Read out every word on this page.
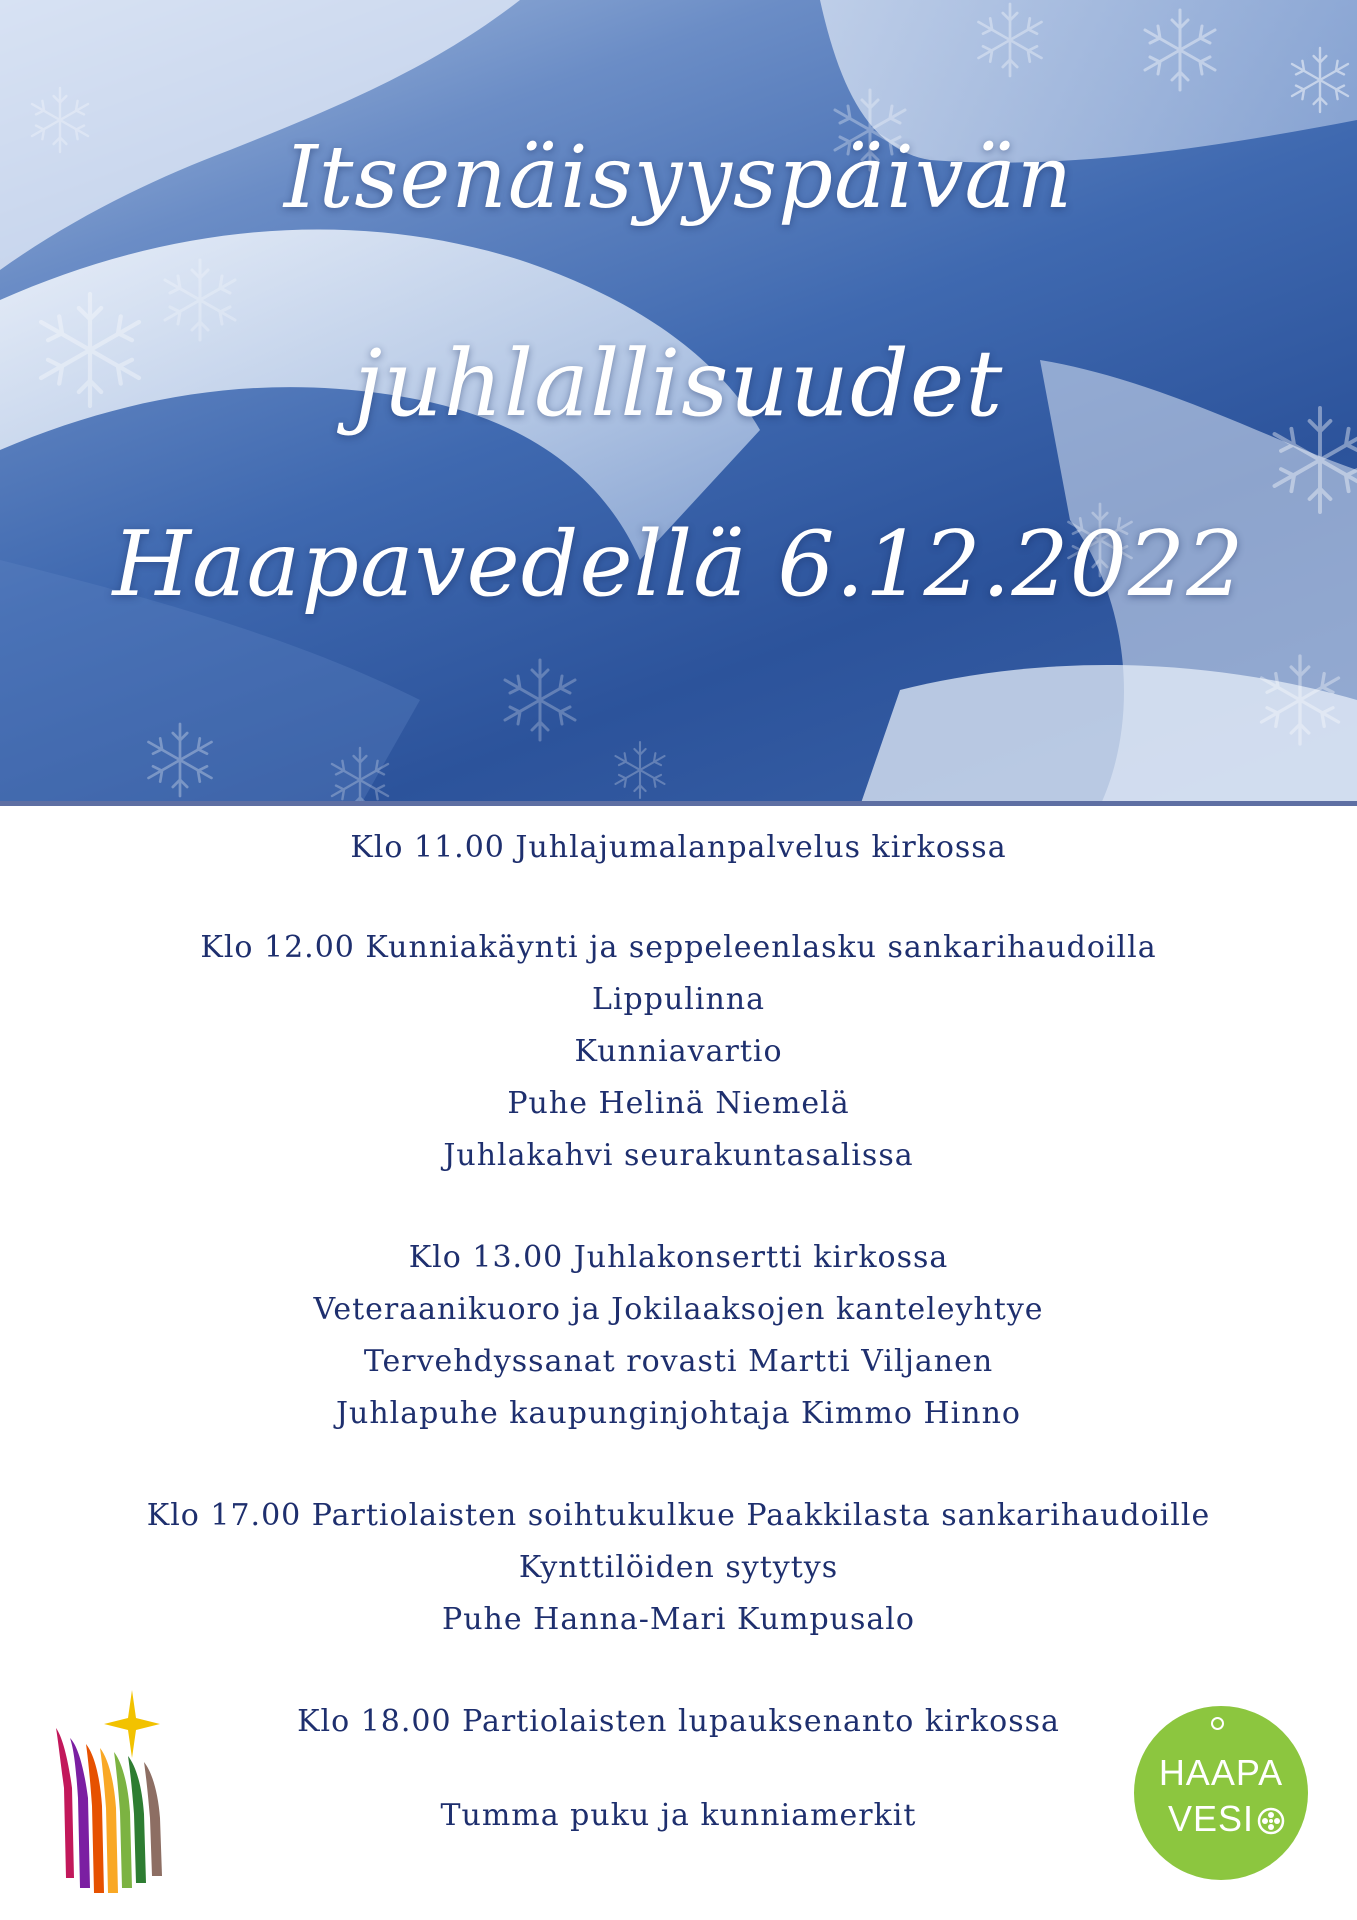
Itsenäisyyspäivän
juhlallisuudet
Haapavedellä 6.12.2022
Klo 11.00 Juhlajumalanpalvelus kirkossa
Klo 12.00 Kunniakäynti ja seppeleenlasku sankarihaudoilla
Lippulinna
Kunniavartio
Puhe Helinä Niemelä
Juhlakahvi seurakuntasalissa
Klo 13.00 Juhlakonsertti kirkossa
Veteraanikuoro ja Jokilaaksojen kanteleyhtye
Tervehdyssanat rovasti Martti Viljanen
Juhlapuhe kaupunginjohtaja Kimmo Hinno
Klo 17.00 Partiolaisten soihtukulkue Paakkilasta sankarihaudoille
Kynttilöiden sytytys
Puhe Hanna-Mari Kumpusalo
Klo 18.00 Partiolaisten lupauksenanto kirkossa
Tumma puku ja kunniamerkit
HAAPA
VESI
